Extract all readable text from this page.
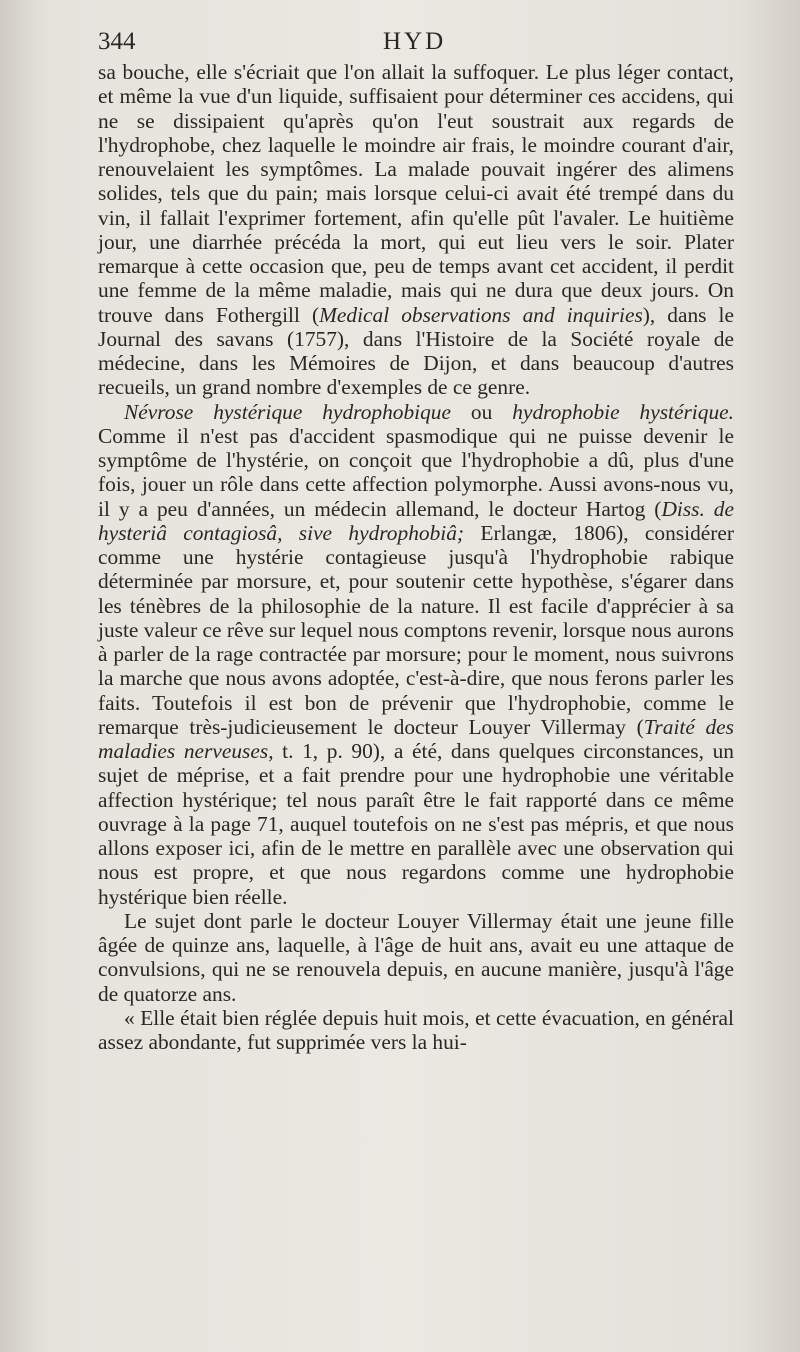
344	HYD

sa bouche, elle s'écriait que l'on allait la suffoquer. Le plus léger contact, et même la vue d'un liquide, suffisaient pour déterminer ces accidens, qui ne se dissipaient qu'après qu'on l'eut soustrait aux regards de l'hydrophobe, chez laquelle le moindre air frais, le moindre courant d'air, renouvelaient les symptômes. La malade pouvait ingérer des alimens solides, tels que du pain; mais lorsque celui-ci avait été trempé dans du vin, il fallait l'exprimer fortement, afin qu'elle pût l'avaler. Le huitième jour, une diarrhée précéda la mort, qui eut lieu vers le soir. Plater remarque à cette occasion que, peu de temps avant cet accident, il perdit une femme de la même maladie, mais qui ne dura que deux jours. On trouve dans Fothergill (Medical observations and inquiries), dans le Journal des savans (1757), dans l'Histoire de la Société royale de médecine, dans les Mémoires de Dijon, et dans beaucoup d'autres recueils, un grand nombre d'exemples de ce genre.

Névrose hystérique hydrophobique ou hydrophobie hystérique. Comme il n'est pas d'accident spasmodique qui ne puisse devenir le symptôme de l'hystérie, on conçoit que l'hydrophobie a dû, plus d'une fois, jouer un rôle dans cette affection polymorphe. Aussi avons-nous vu, il y a peu d'années, un médecin allemand, le docteur Hartog (Diss. de hysteriâ contagiosâ, sive hydrophobiâ; Erlangæ, 1806), considérer comme une hystérie contagieuse jusqu'à l'hydrophobie rabique déterminée par morsure, et, pour soutenir cette hypothèse, s'égarer dans les ténèbres de la philosophie de la nature. Il est facile d'apprécier à sa juste valeur ce rêve sur lequel nous comptons revenir, lorsque nous aurons à parler de la rage contractée par morsure; pour le moment, nous suivrons la marche que nous avons adoptée, c'est-à-dire, que nous ferons parler les faits. Toutefois il est bon de prévenir que l'hydrophobie, comme le remarque très-judicieusement le docteur Louyer Villermay (Traité des maladies nerveuses, t. 1, p. 90), a été, dans quelques circonstances, un sujet de méprise, et a fait prendre pour une hydrophobie une véritable affection hystérique; tel nous paraît être le fait rapporté dans ce même ouvrage à la page 71, auquel toutefois on ne s'est pas mépris, et que nous allons exposer ici, afin de le mettre en parallèle avec une observation qui nous est propre, et que nous regardons comme une hydrophobie hystérique bien réelle.

Le sujet dont parle le docteur Louyer Villermay était une jeune fille âgée de quinze ans, laquelle, à l'âge de huit ans, avait eu une attaque de convulsions, qui ne se renouvela depuis, en aucune manière, jusqu'à l'âge de quatorze ans.

« Elle était bien réglée depuis huit mois, et cette évacuation, en général assez abondante, fut supprimée vers la hui-
